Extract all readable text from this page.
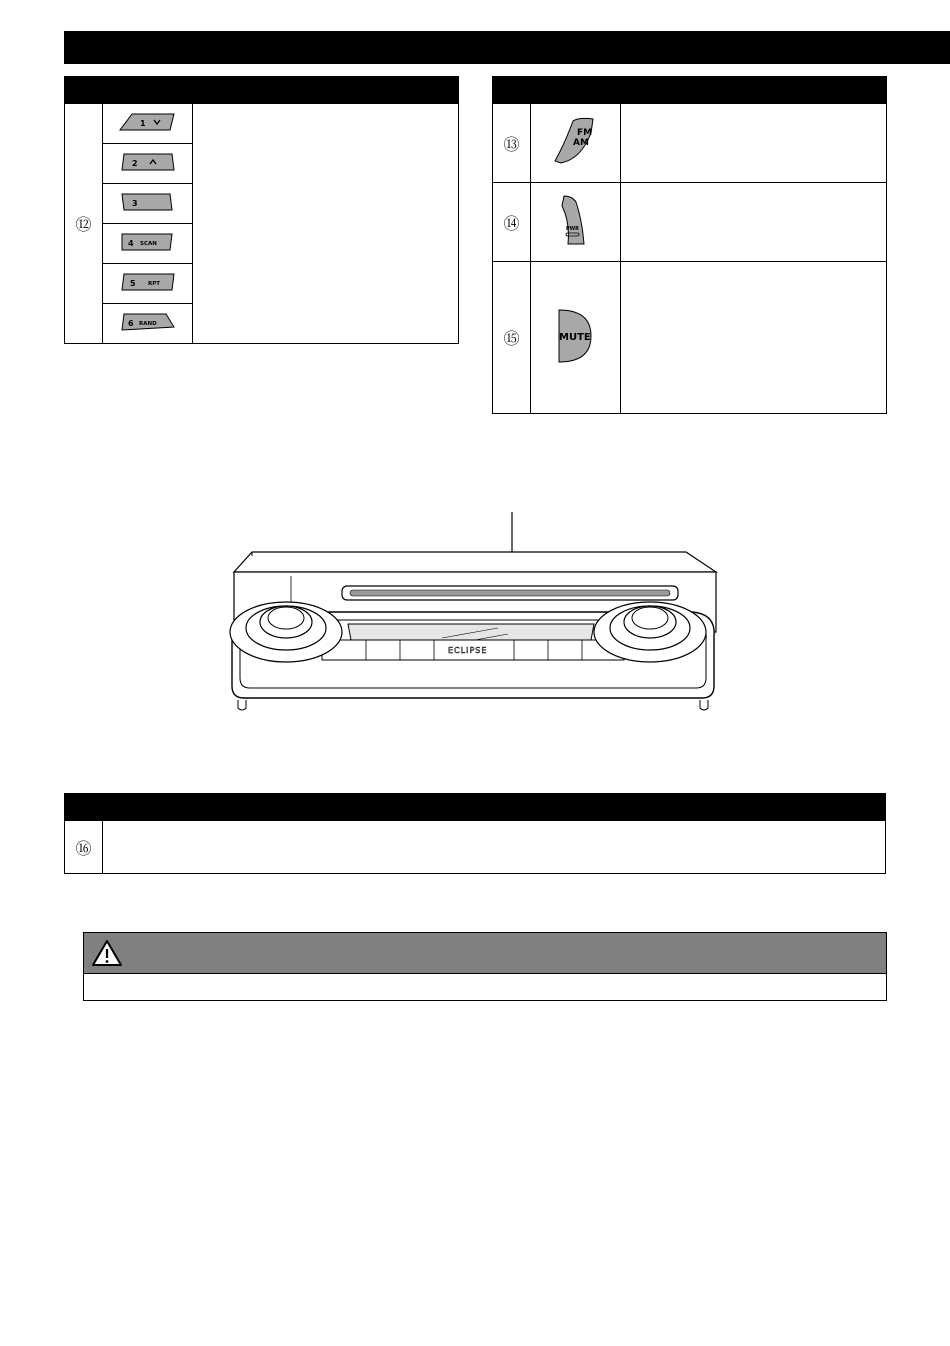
⑫	1	

2	

3	

4 SCAN	

5 RPT	

6 RAND	

⑬	FM
AM	

⑭	PWR	

⑮	MUTE	

ECLIPSE

⑯	
